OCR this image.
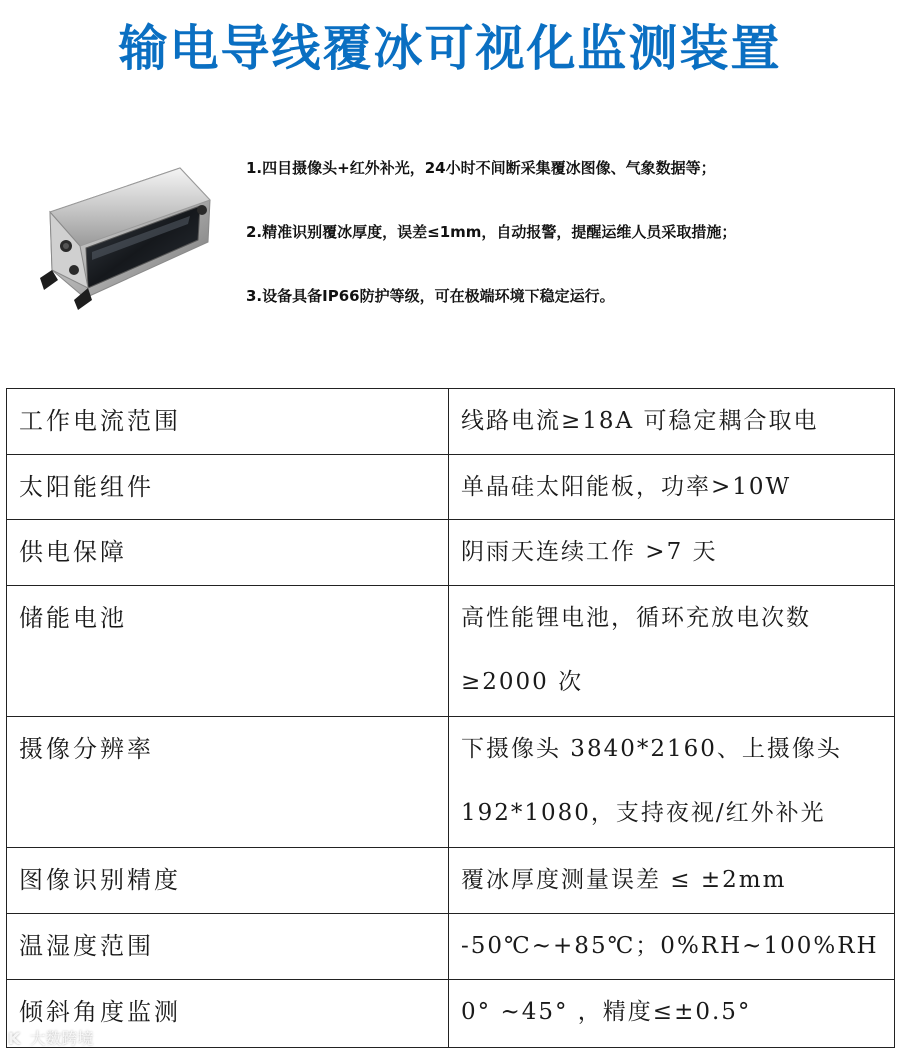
输电导线覆冰可视化监测装置
1.四目摄像头+红外补光，24小时不间断采集覆冰图像、气象数据等；
2.精准识别覆冰厚度，误差≤1mm，自动报警，提醒运维人员采取措施；
3.设备具备IP66防护等级，可在极端环境下稳定运行。
工作电流范围	线路电流≥18A 可稳定耦合取电

太阳能组件	单晶硅太阳能板，功率>10W

供电保障	阴雨天连续工作 >7 天

储能电池	高性能锂电池，循环充放电次数
≥2000 次

摄像分辨率	下摄像头 3840*2160、上摄像头
192*1080，支持夜视/红外补光

图像识别精度	覆冰厚度测量误差 ≤ ±2mm

温湿度范围	-50℃~+85℃；0%RH~100%RH

倾斜角度监测	0° ~45° ，精度≤±0.5°
K 大数跨境
